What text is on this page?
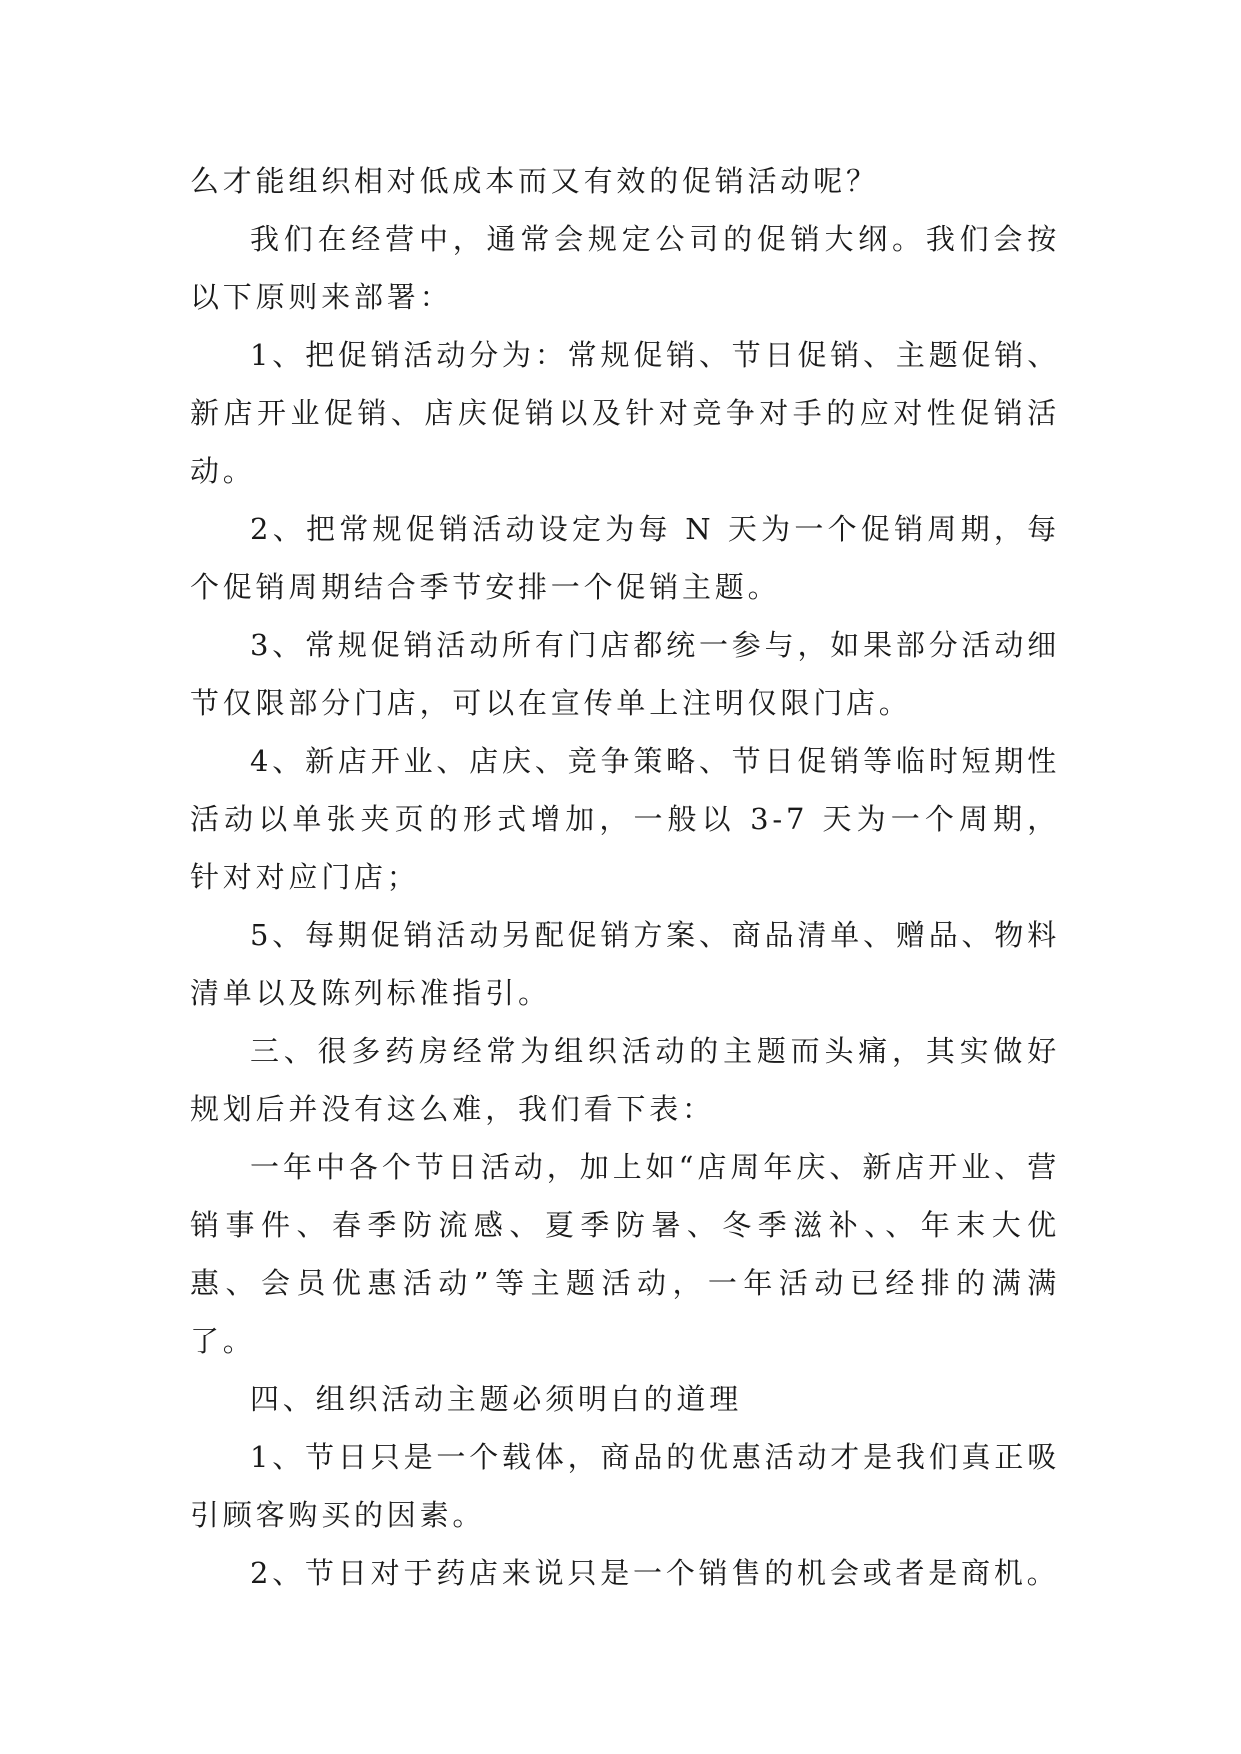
么才能组织相对低成本而又有效的促销活动呢？

我们在经营中，通常会规定公司的促销大纲。我们会按以下原则来部署：

1、把促销活动分为：常规促销、节日促销、主题促销、新店开业促销、店庆促销以及针对竞争对手的应对性促销活动。

2、把常规促销活动设定为每 N 天为一个促销周期，每个促销周期结合季节安排一个促销主题。

3、常规促销活动所有门店都统一参与，如果部分活动细节仅限部分门店，可以在宣传单上注明仅限门店。

4、新店开业、店庆、竞争策略、节日促销等临时短期性活动以单张夹页的形式增加，一般以 3-7 天为一个周期，针对对应门店；

5、每期促销活动另配促销方案、商品清单、赠品、物料清单以及陈列标准指引。

三、很多药房经常为组织活动的主题而头痛，其实做好规划后并没有这么难，我们看下表：

一年中各个节日活动，加上如“店周年庆、新店开业、营销事件、春季防流感、夏季防暑、冬季滋补、、年末大优惠、会员优惠活动”等主题活动，一年活动已经排的满满了。

四、组织活动主题必须明白的道理

1、节日只是一个载体，商品的优惠活动才是我们真正吸引顾客购买的因素。

2、节日对于药店来说只是一个销售的机会或者是商机。
